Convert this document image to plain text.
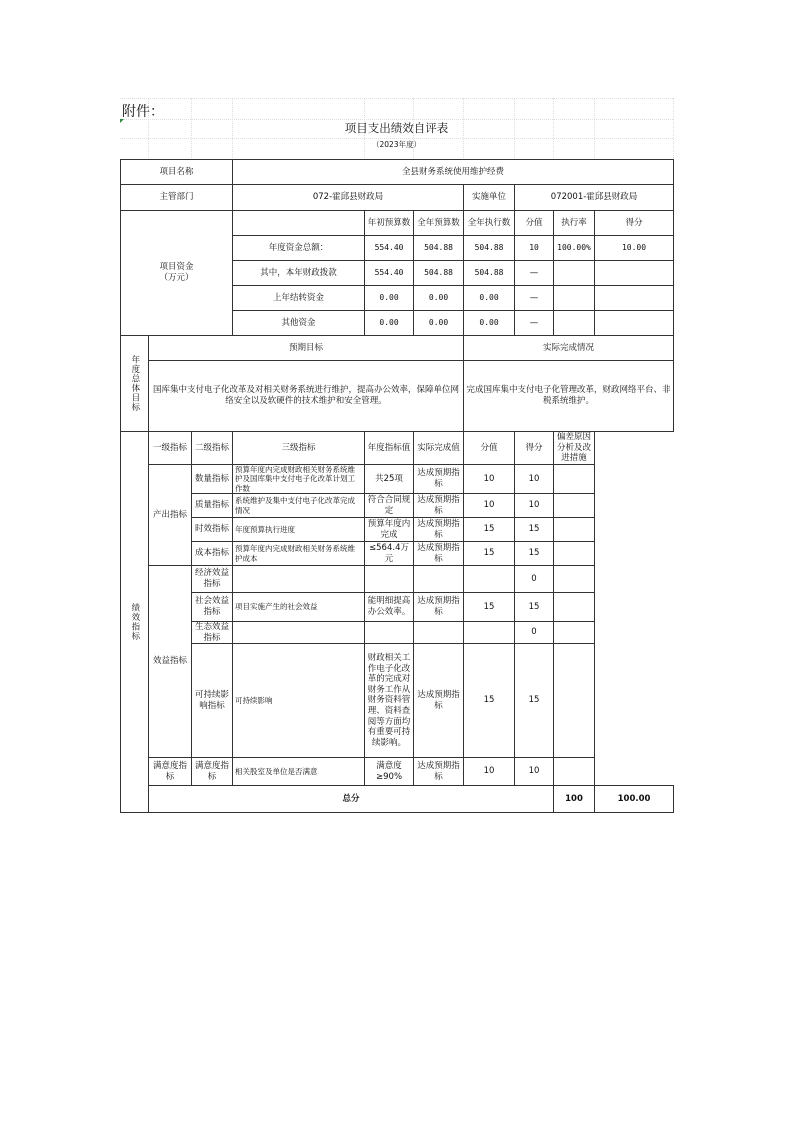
附件：
项目支出绩效自评表
（2023年度）
项目名称			全县财务系统使用维护经费							
主管部门			072-霍邱县财政局			实施单位	072001-霍邱县财政局			
项目资金（万元）				年初预算数	全年预算数	全年执行数	分值	执行率	得分	
			年度资金总额：	554.40	504.88	504.88	10	100.00%	10.00	
			其中，本年财政拨款	554.40	504.88	504.88	—			
			上年结转资金	0.00	0.00	0.00	—			
			其他资金	0.00	0.00	0.00	—			
年度总体目标	预期目标					实际完成情况				
	国库集中支付电子化改革及对相关财务系统进行维护，提高办公效率，保障单位网络安全以及软硬件的技术维护和安全管理。					完成国库集中支付电子化管理改革，财政网络平台、非税系统维护。				
绩效指标	一级指标	二级指标	三级指标	年度指标值	实际完成值	分值	得分	偏差原因分析及改进措施		
	产出指标	数量指标	预算年度内完成财政相关财务系统维护及国库集中支付电子化改革计划工作数	共25项	达成预期指标	10	10			
		质量指标	系统维护及集中支付电子化改革完成情况	符合合同规定	达成预期指标	10	10			
		时效指标	年度预算执行进度	预算年度内完成	达成预期指标	15	15			
		成本指标	预算年度内完成财政相关财务系统维护成本	≤564.4万元	达成预期指标	15	15			
	效益指标	经济效益指标					0			
		社会效益指标	项目实施产生的社会效益	能明细提高办公效率。	达成预期指标	15	15			
		生态效益指标					0			
		可持续影响指标	可持续影响	财政相关工作电子化改革的完成对财务工作从财务资料管理、资料查阅等方面均有重要可持续影响。	达成预期指标	15	15			
	满意度指标	满意度指标	相关股室及单位是否满意	满意度≥90%	达成预期指标	10	10			
	总分							100	100.00	
